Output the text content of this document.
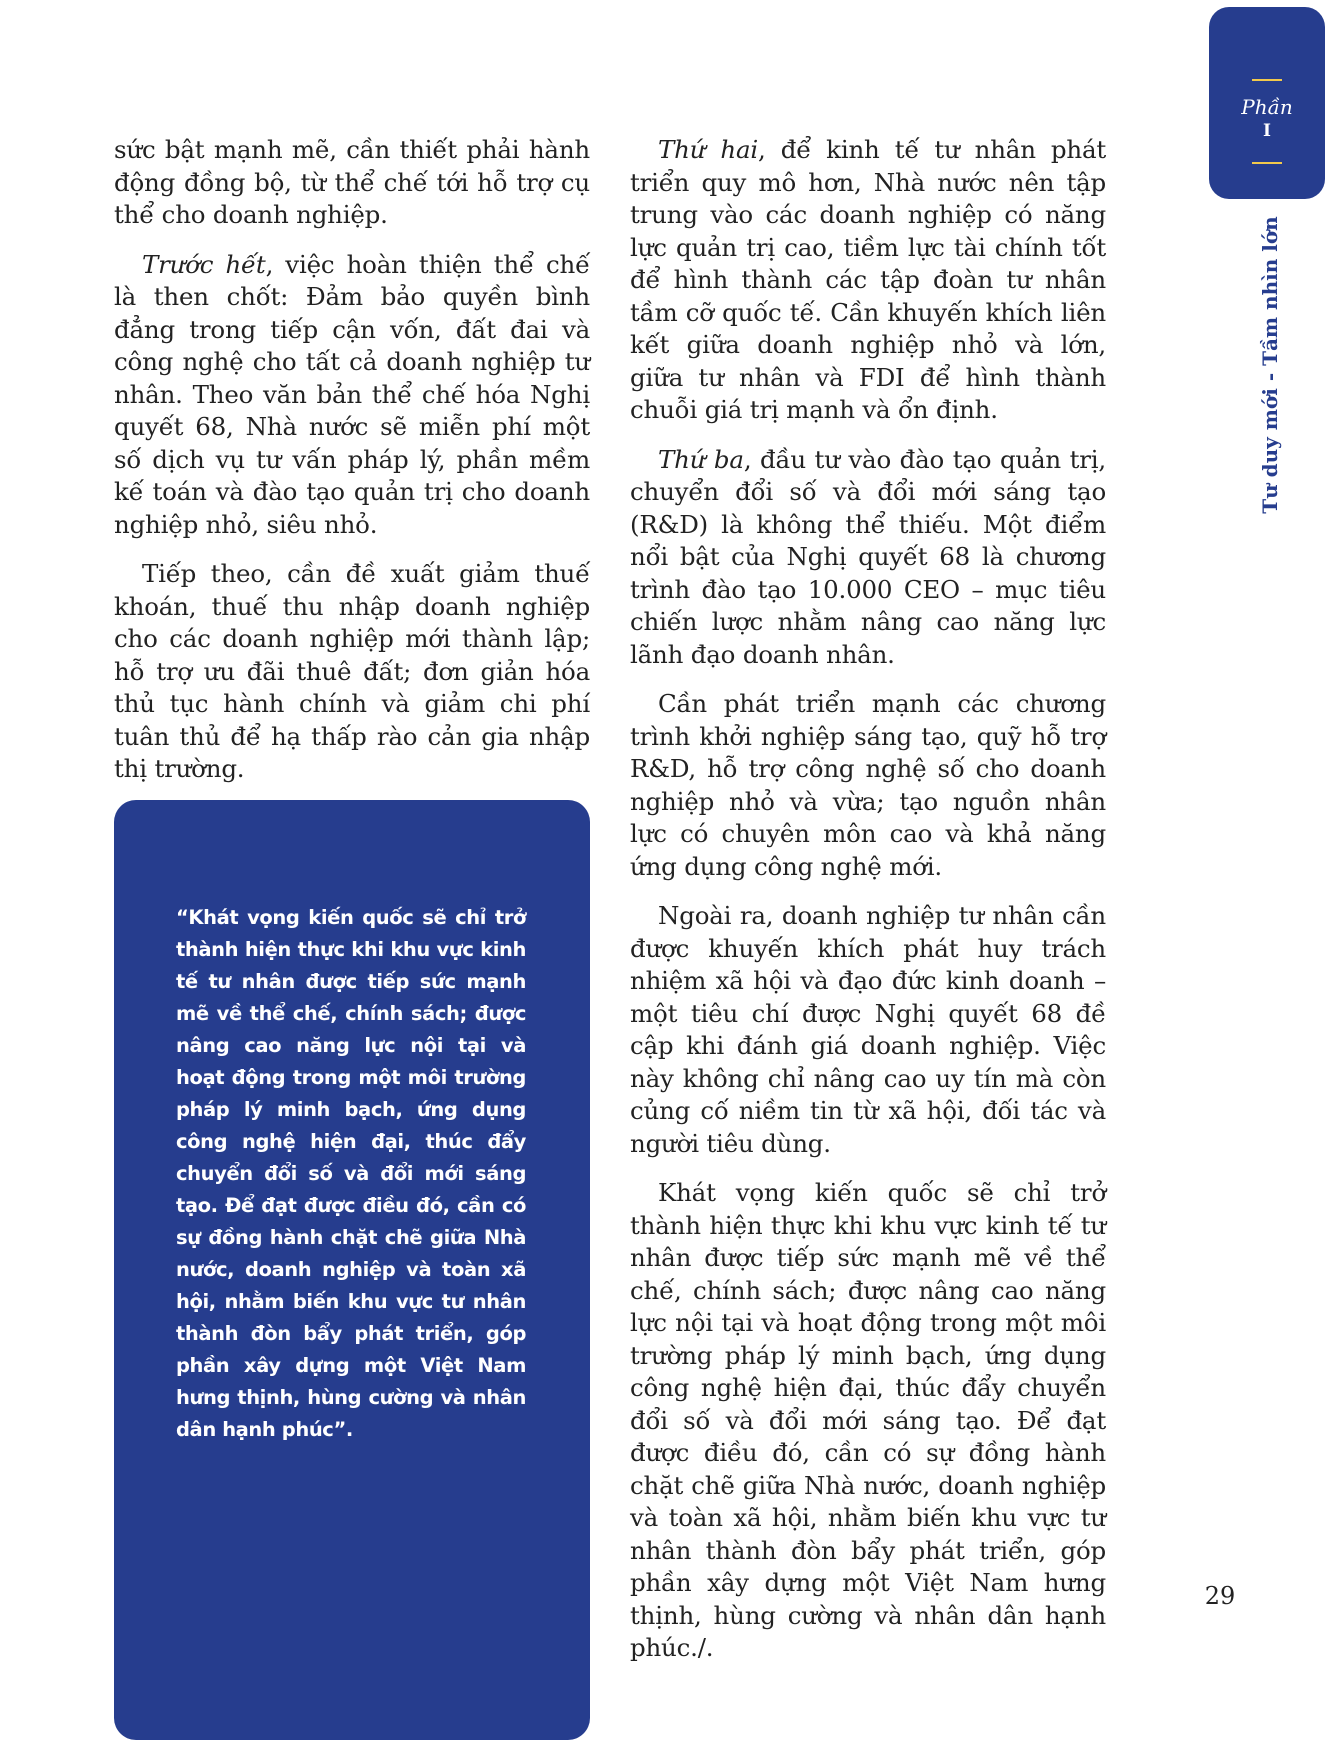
Phần
I
Tư duy mới - Tầm nhìn lớn

sức bật mạnh mẽ, cần thiết phải hành động đồng bộ, từ thể chế tới hỗ trợ cụ thể cho doanh nghiệp.

Trước hết, việc hoàn thiện thể chế là then chốt: Đảm bảo quyền bình đẳng trong tiếp cận vốn, đất đai và công nghệ cho tất cả doanh nghiệp tư nhân. Theo văn bản thể chế hóa Nghị quyết 68, Nhà nước sẽ miễn phí một số dịch vụ tư vấn pháp lý, phần mềm kế toán và đào tạo quản trị cho doanh nghiệp nhỏ, siêu nhỏ.

Tiếp theo, cần đề xuất giảm thuế khoán, thuế thu nhập doanh nghiệp cho các doanh nghiệp mới thành lập; hỗ trợ ưu đãi thuê đất; đơn giản hóa thủ tục hành chính và giảm chi phí tuân thủ để hạ thấp rào cản gia nhập thị trường.

“Khát vọng kiến quốc sẽ chỉ trở thành hiện thực khi khu vực kinh tế tư nhân được tiếp sức mạnh mẽ về thể chế, chính sách; được nâng cao năng lực nội tại và hoạt động trong một môi trường pháp lý minh bạch, ứng dụng công nghệ hiện đại, thúc đẩy chuyển đổi số và đổi mới sáng tạo. Để đạt được điều đó, cần có sự đồng hành chặt chẽ giữa Nhà nước, doanh nghiệp và toàn xã hội, nhằm biến khu vực tư nhân thành đòn bẩy phát triển, góp phần xây dựng một Việt Nam hưng thịnh, hùng cường và nhân dân hạnh phúc”.

Thứ hai, để kinh tế tư nhân phát triển quy mô hơn, Nhà nước nên tập trung vào các doanh nghiệp có năng lực quản trị cao, tiềm lực tài chính tốt để hình thành các tập đoàn tư nhân tầm cỡ quốc tế. Cần khuyến khích liên kết giữa doanh nghiệp nhỏ và lớn, giữa tư nhân và FDI để hình thành chuỗi giá trị mạnh và ổn định.

Thứ ba, đầu tư vào đào tạo quản trị, chuyển đổi số và đổi mới sáng tạo (R&D) là không thể thiếu. Một điểm nổi bật của Nghị quyết 68 là chương trình đào tạo 10.000 CEO – mục tiêu chiến lược nhằm nâng cao năng lực lãnh đạo doanh nhân.

Cần phát triển mạnh các chương trình khởi nghiệp sáng tạo, quỹ hỗ trợ R&D, hỗ trợ công nghệ số cho doanh nghiệp nhỏ và vừa; tạo nguồn nhân lực có chuyên môn cao và khả năng ứng dụng công nghệ mới.

Ngoài ra, doanh nghiệp tư nhân cần được khuyến khích phát huy trách nhiệm xã hội và đạo đức kinh doanh – một tiêu chí được Nghị quyết 68 đề cập khi đánh giá doanh nghiệp. Việc này không chỉ nâng cao uy tín mà còn củng cố niềm tin từ xã hội, đối tác và người tiêu dùng.

Khát vọng kiến quốc sẽ chỉ trở thành hiện thực khi khu vực kinh tế tư nhân được tiếp sức mạnh mẽ về thể chế, chính sách; được nâng cao năng lực nội tại và hoạt động trong một môi trường pháp lý minh bạch, ứng dụng công nghệ hiện đại, thúc đẩy chuyển đổi số và đổi mới sáng tạo. Để đạt được điều đó, cần có sự đồng hành chặt chẽ giữa Nhà nước, doanh nghiệp và toàn xã hội, nhằm biến khu vực tư nhân thành đòn bẩy phát triển, góp phần xây dựng một Việt Nam hưng thịnh, hùng cường và nhân dân hạnh phúc./.

29
